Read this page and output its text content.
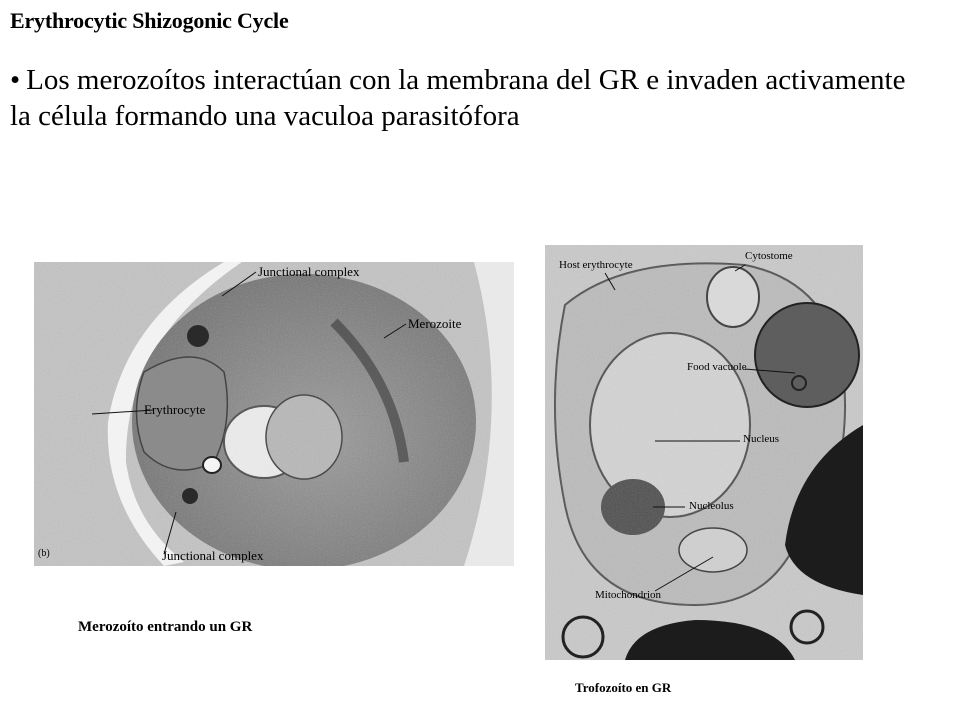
Erythrocytic Shizogonic Cycle
• Los merozoítos interactúan con la membrana del GR e invaden activamente la célula formando una vaculoa parasitófora
Junctional complex
Merozoite
Erythrocyte
Junctional complex
(b)
Merozoíto entrando un GR
Host erythrocyte
Cytostome
Food vacuole
Nucleus
Nucleolus
Mitochondrion
Trofozoíto en GR
